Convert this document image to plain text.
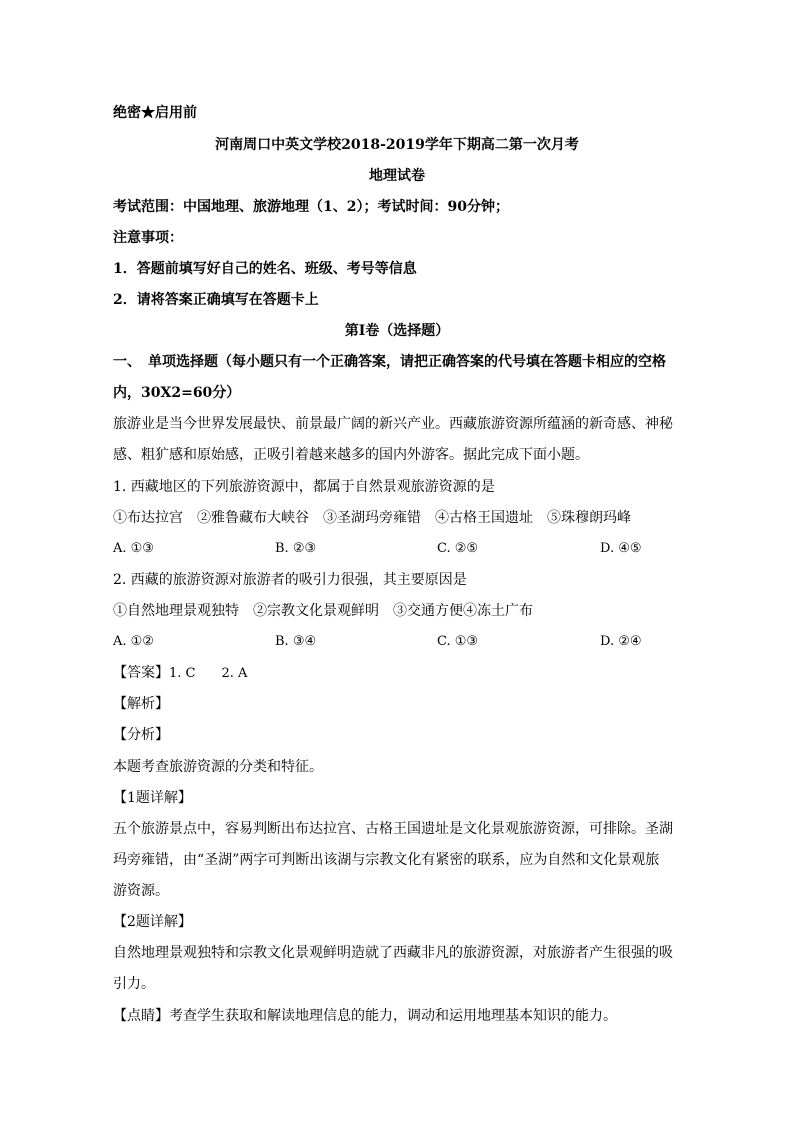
绝密★启用前
河南周口中英文学校2018-2019学年下期高二第一次月考
地理试卷
考试范围：中国地理、旅游地理（1、2）；考试时间：90分钟；
注意事项：
1．答题前填写好自己的姓名、班级、考号等信息
2．请将答案正确填写在答题卡上
第I卷（选择题）
一、　单项选择题（每小题只有一个正确答案，请把正确答案的代号填在答题卡相应的空格
内，30X2=60分）
旅游业是当今世界发展最快、前景最广阔的新兴产业。西藏旅游资源所蕴涵的新奇感、神秘
感、粗犷感和原始感，正吸引着越来越多的国内外游客。据此完成下面小题。
1. 西藏地区的下列旅游资源中，都属于自然景观旅游资源的是
①布达拉宫　②雅鲁藏布大峡谷　③圣湖玛旁雍错　④古格王国遗址　⑤珠穆朗玛峰
A. ①③	B. ②③	C. ②⑤	D. ④⑤
2. 西藏的旅游资源对旅游者的吸引力很强，其主要原因是
①自然地理景观独特　②宗教文化景观鲜明　③交通方便④冻土广布
A. ①②	B. ③④	C. ①③	D. ②④
【答案】1. C　　2. A
【解析】
【分析】
本题考查旅游资源的分类和特征。
【1题详解】
五个旅游景点中，容易判断出布达拉宫、古格王国遗址是文化景观旅游资源，可排除。圣湖
玛旁雍错，由“圣湖”两字可判断出该湖与宗教文化有紧密的联系，应为自然和文化景观旅
游资源。
【2题详解】
自然地理景观独特和宗教文化景观鲜明造就了西藏非凡的旅游资源，对旅游者产生很强的吸
引力。
【点睛】考查学生获取和解读地理信息的能力，调动和运用地理基本知识的能力。
